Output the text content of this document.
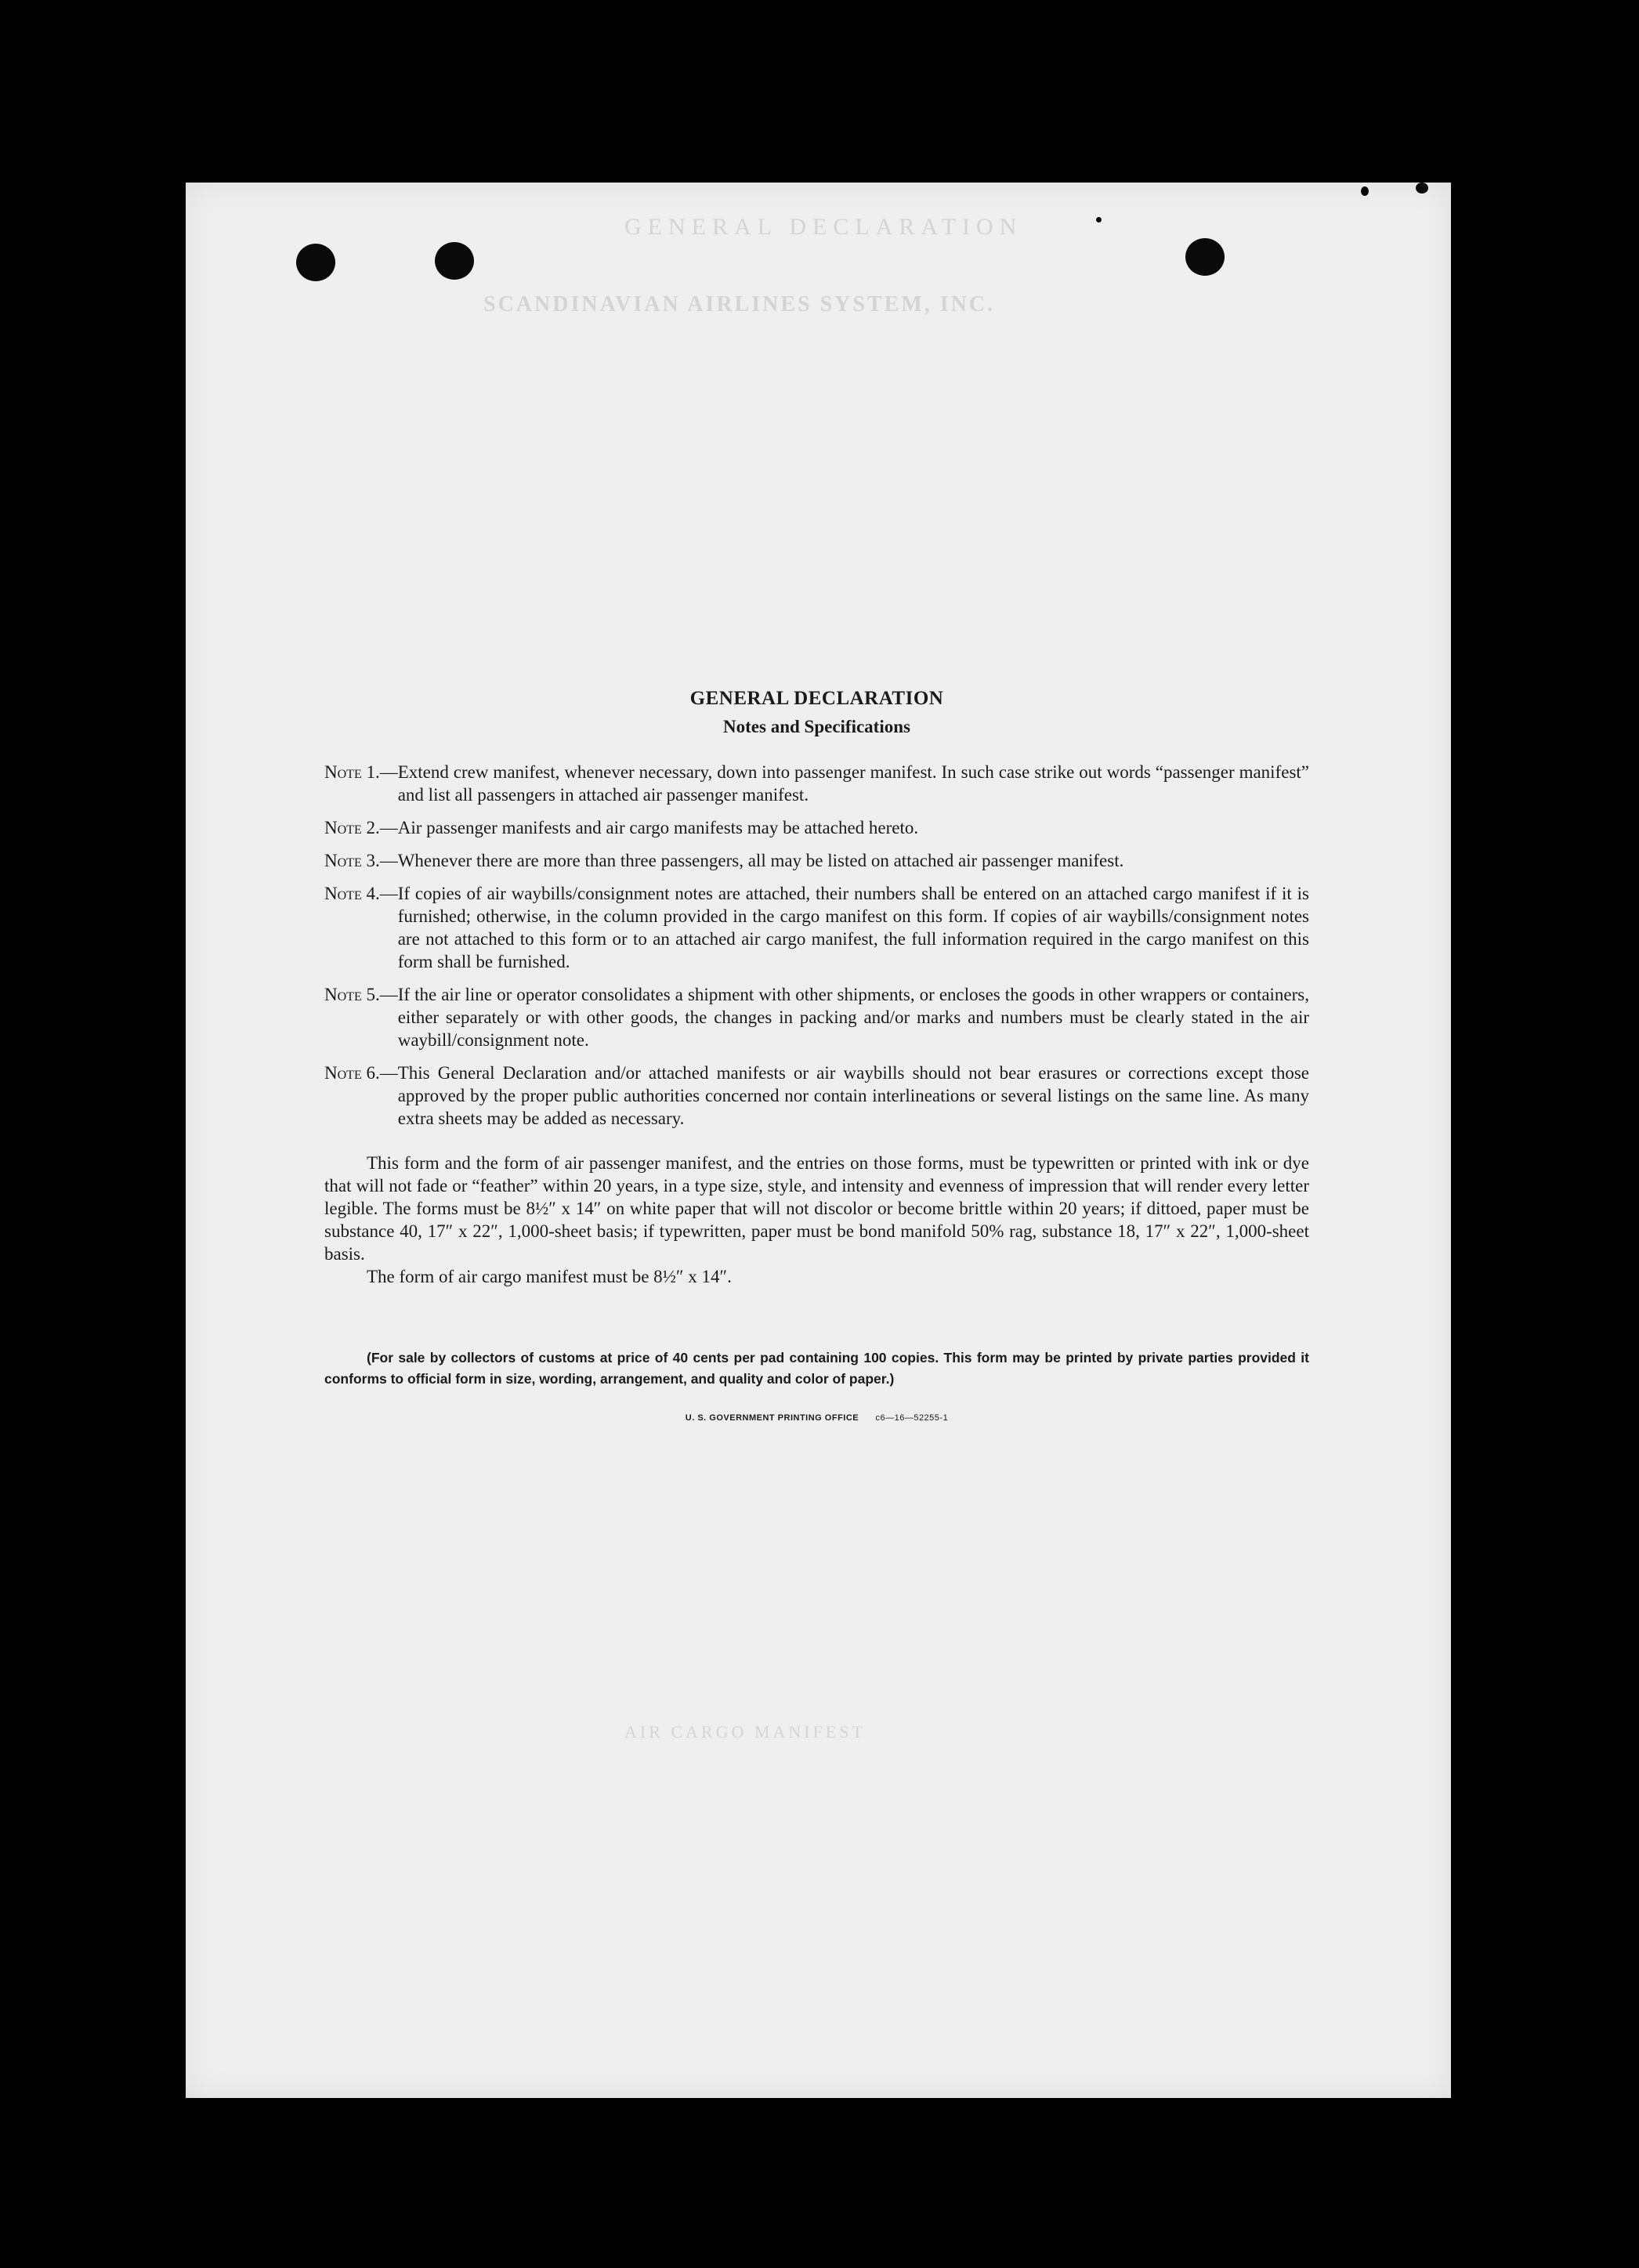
GENERAL DECLARATION
SCANDINAVIAN AIRLINES SYSTEM, INC.
AIR CARGO MANIFEST
GENERAL DECLARATION
Notes and Specifications
Note 1.— Extend crew manifest, whenever necessary, down into passenger manifest. In such case strike out words “passenger manifest” and list all passengers in attached air passenger manifest.
Note 2.— Air passenger manifests and air cargo manifests may be attached hereto.
Note 3.— Whenever there are more than three passengers, all may be listed on attached air passenger manifest.
Note 4.— If copies of air waybills/consignment notes are attached, their numbers shall be entered on an attached cargo manifest if it is furnished; otherwise, in the column provided in the cargo manifest on this form. If copies of air waybills/consignment notes are not attached to this form or to an attached air cargo manifest, the full information required in the cargo manifest on this form shall be furnished.
Note 5.— If the air line or operator consolidates a shipment with other shipments, or encloses the goods in other wrappers or containers, either separately or with other goods, the changes in packing and/or marks and numbers must be clearly stated in the air waybill/consignment note.
Note 6.— This General Declaration and/or attached manifests or air waybills should not bear erasures or corrections except those approved by the proper public authorities concerned nor contain interlineations or several listings on the same line. As many extra sheets may be added as necessary.

This form and the form of air passenger manifest, and the entries on those forms, must be typewritten or printed with ink or dye that will not fade or “feather” within 20 years, in a type size, style, and intensity and evenness of impression that will render every letter legible. The forms must be 8½″ x 14″ on white paper that will not discolor or become brittle within 20 years; if dittoed, paper must be substance 40, 17″ x 22″, 1,000-sheet basis; if typewritten, paper must be bond manifold 50% rag, substance 18, 17″ x 22″, 1,000-sheet basis.

The form of air cargo manifest must be 8½″ x 14″.

(For sale by collectors of customs at price of 40 cents per pad containing 100 copies. This form may be printed by private parties provided it conforms to official form in size, wording, arrangement, and quality and color of paper.)

U. S. GOVERNMENT PRINTING OFFICE c6—16—52255-1
